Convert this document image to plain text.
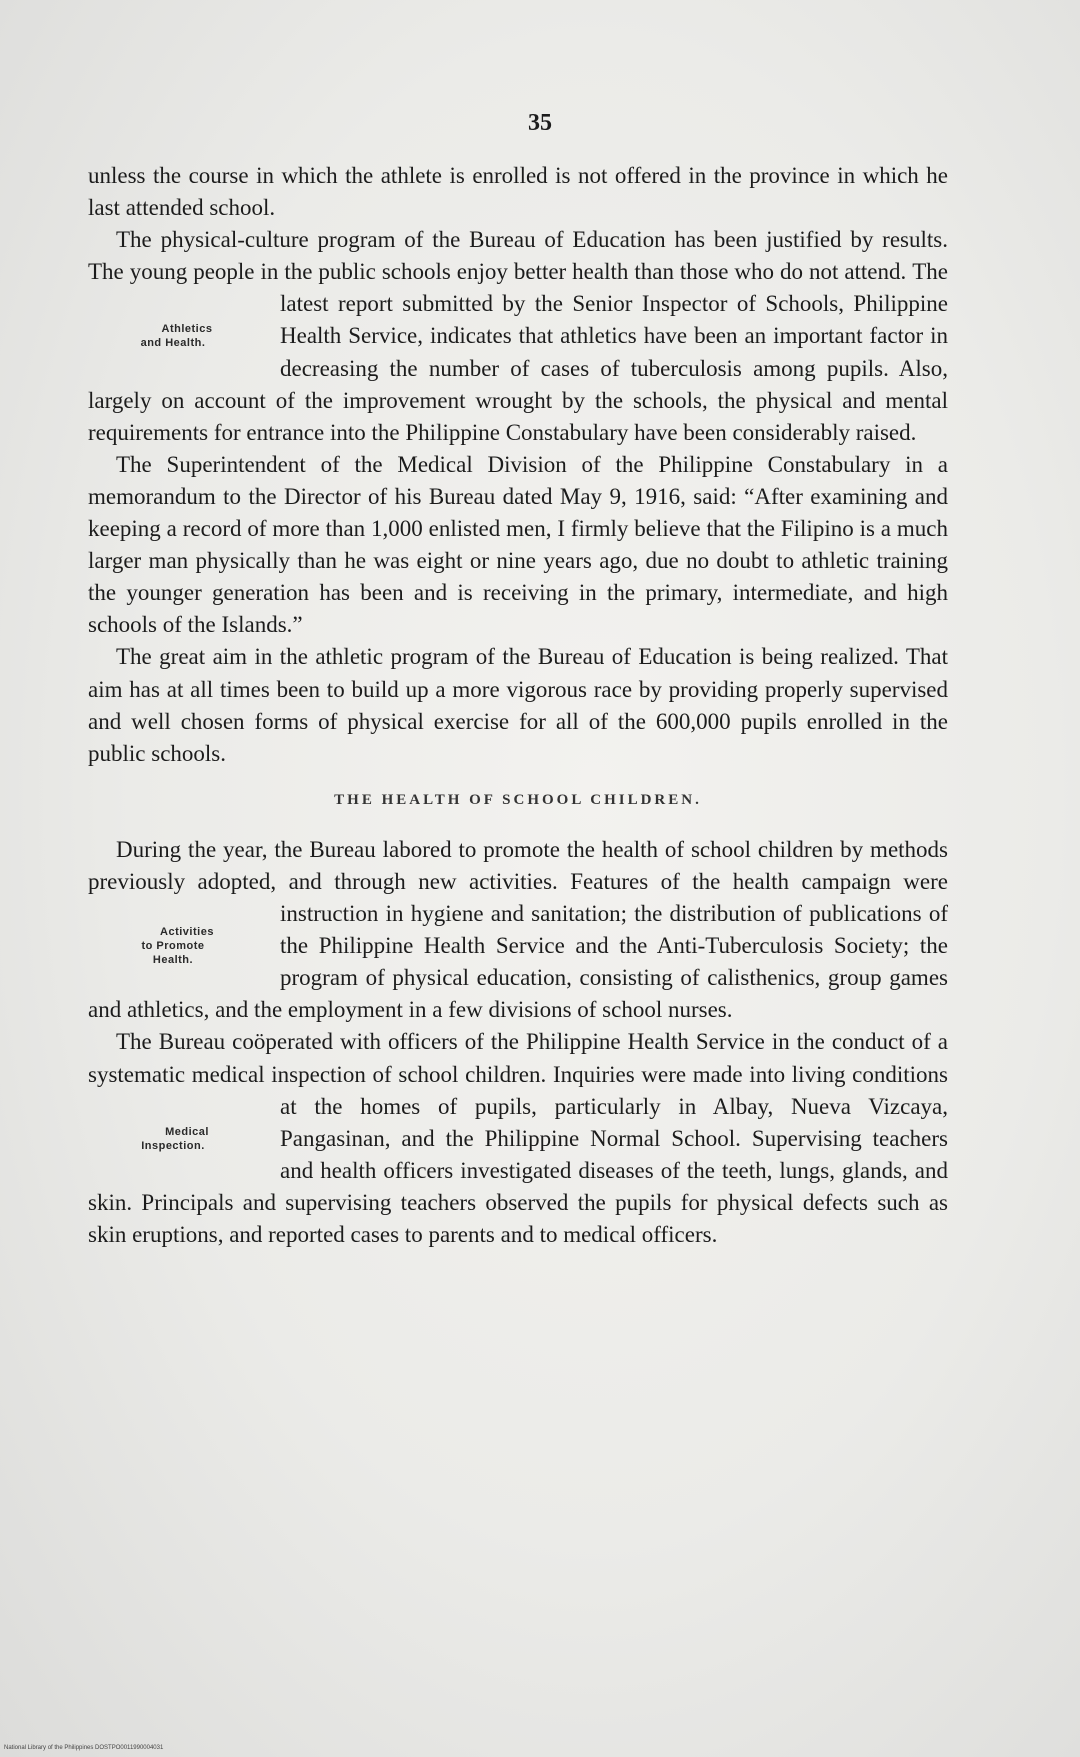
35

unless the course in which the athlete is enrolled is not offered in the province in which he last attended school.

The physical-culture program of the Bureau of Education has been justified by results. The young people in the public schools enjoy better health than those who do not attend.
Athletics
and Health.
The latest report submitted by the Senior Inspector of Schools, Philippine Health Service, indicates that athletics have been an important factor in decreasing the number of cases of tuberculosis among pupils. Also, largely on account of the improvement wrought by the schools, the physical and mental requirements for entrance into the Philippine Constabulary have been considerably raised.

The Superintendent of the Medical Division of the Philippine Constabulary in a memorandum to the Director of his Bureau dated May 9, 1916, said: “After examining and keeping a record of more than 1,000 enlisted men, I firmly believe that the Filipino is a much larger man physically than he was eight or nine years ago, due no doubt to athletic training the younger generation has been and is receiving in the primary, intermediate, and high schools of the Islands.”

The great aim in the athletic program of the Bureau of Education is being realized. That aim has at all times been to build up a more vigorous race by providing properly supervised and well chosen forms of physical exercise for all of the 600,000 pupils enrolled in the public schools.

THE HEALTH OF SCHOOL CHILDREN.

During the year, the Bureau labored to promote the health of school children by methods previously adopted, and through new activities. Features of the health campaign were instruction
Activities
to Promote
Health.
in hygiene and sanitation; the distribution of publications of the Philippine Health Service and the Anti-Tuberculosis Society; the program of physical education, consisting of calisthenics, group games and athletics, and the employment in a few divisions of school nurses.

The Bureau coöperated with officers of the Philippine Health Service in the conduct of a systematic medical inspection of school children. Inquiries were made into living conditions at
Medical
Inspection.
the homes of pupils, particularly in Albay, Nueva Vizcaya, Pangasinan, and the Philippine Normal School. Supervising teachers and health officers investigated diseases of the teeth, lungs, glands, and skin. Principals and supervising teachers observed the pupils for physical defects such as skin eruptions, and reported cases to parents and to medical officers.

National Library of the Philippines DOSTPO0011990004031
